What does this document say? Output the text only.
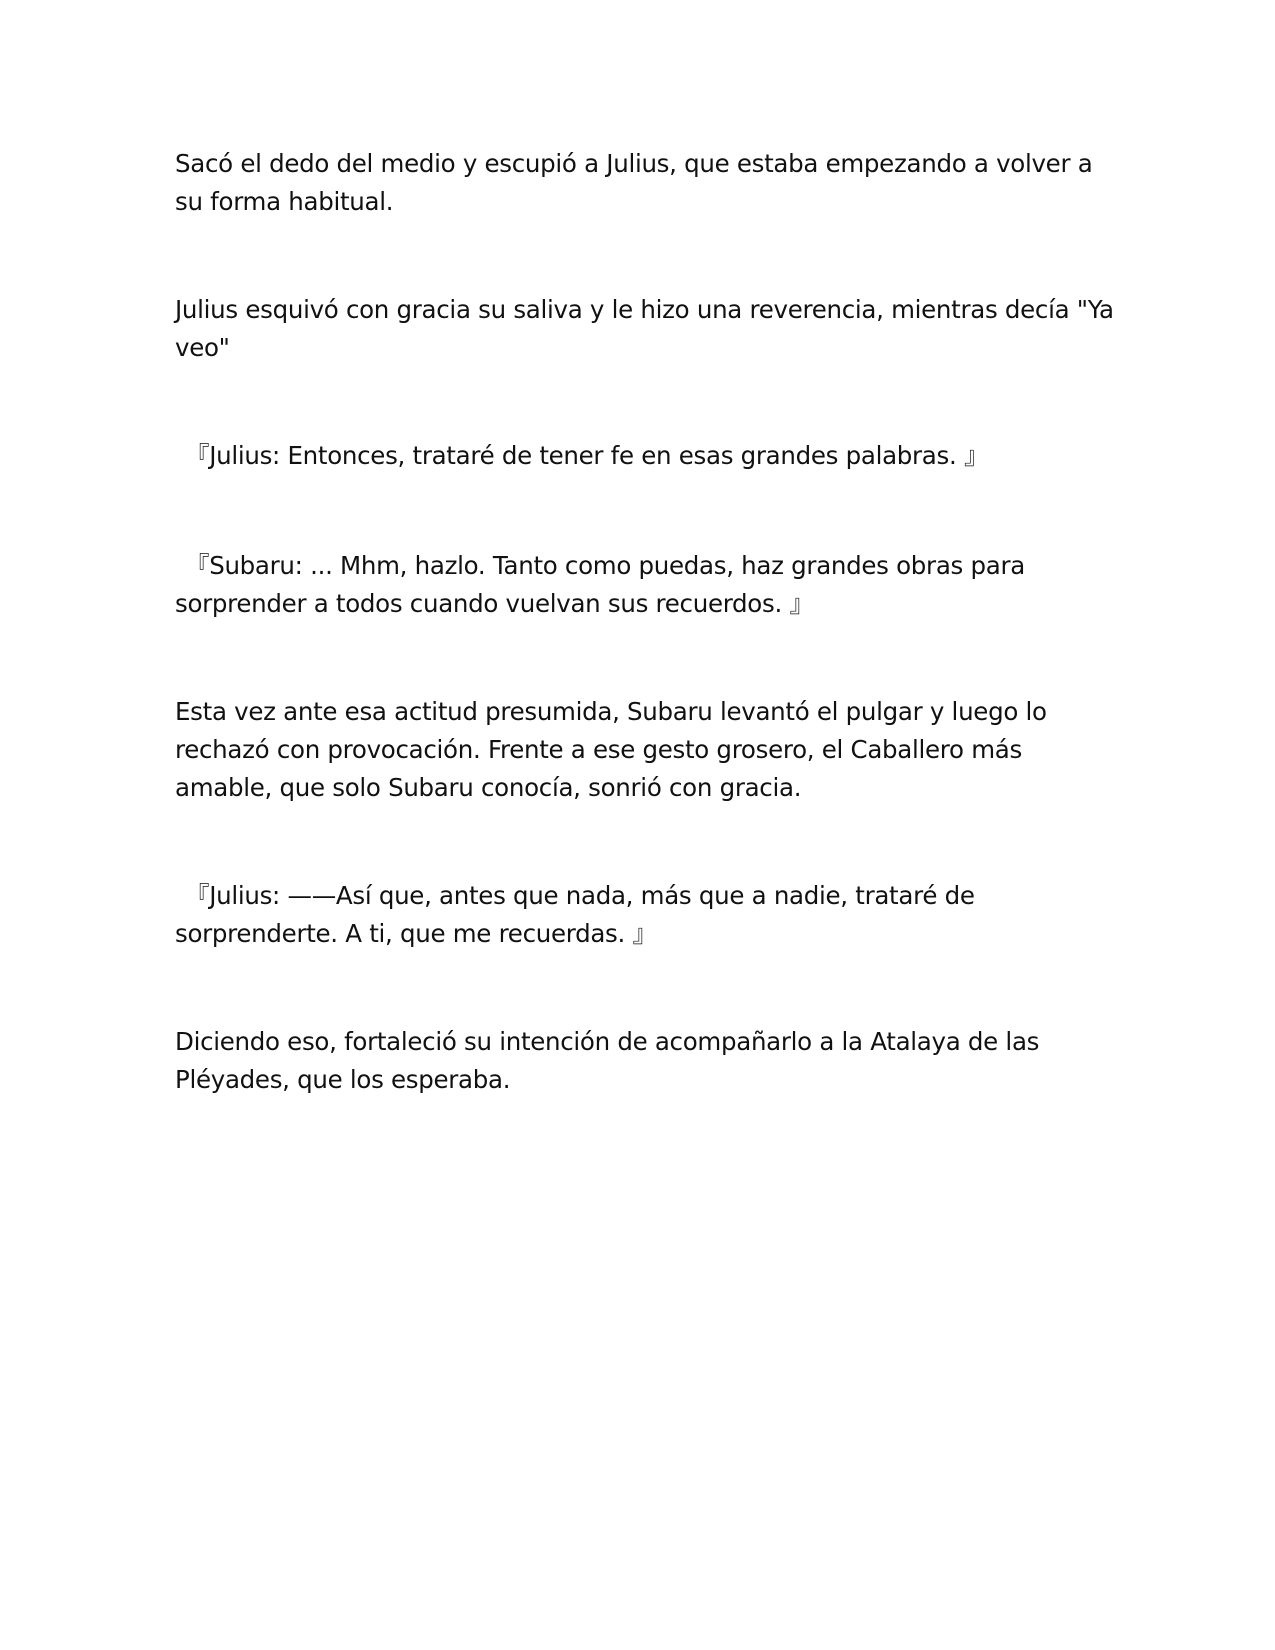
Sacó el dedo del medio y escupió a Julius, que estaba empezando a volver a
su forma habitual.

Julius esquivó con gracia su saliva y le hizo una reverencia, mientras decía "Ya
veo"

『Julius: Entonces, trataré de tener fe en esas grandes palabras. 』

『Subaru: ... Mhm, hazlo. Tanto como puedas, haz grandes obras para
sorprender a todos cuando vuelvan sus recuerdos. 』

Esta vez ante esa actitud presumida, Subaru levantó el pulgar y luego lo
rechazó con provocación. Frente a ese gesto grosero, el Caballero más
amable, que solo Subaru conocía, sonrió con gracia.

『Julius: ——Así que, antes que nada, más que a nadie, trataré de
sorprenderte. A ti, que me recuerdas. 』

Diciendo eso, fortaleció su intención de acompañarlo a la Atalaya de las
Pléyades, que los esperaba.
